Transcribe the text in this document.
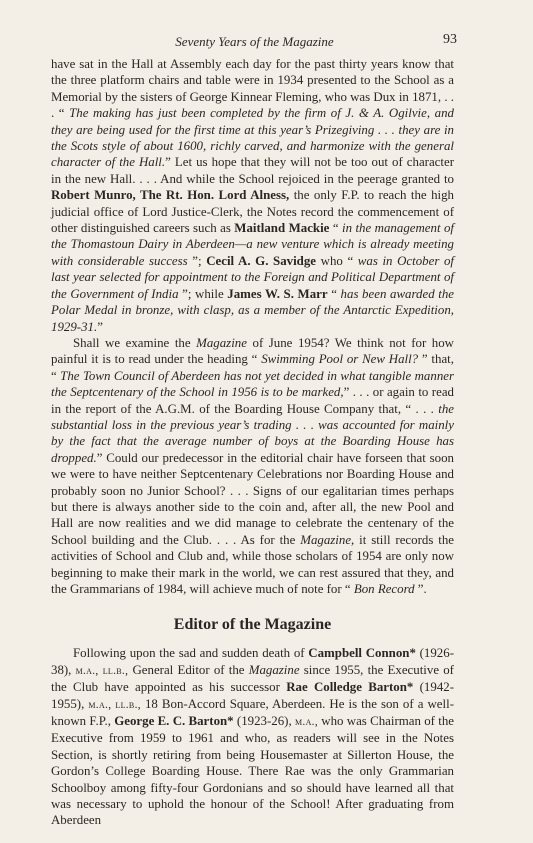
Seventy Years of the Magazine	93

have sat in the Hall at Assembly each day for the past thirty years know that the three platform chairs and table were in 1934 presented to the School as a Memorial by the sisters of George Kinnear Fleming, who was Dux in 1871, . . . “ The making has just been completed by the firm of J. & A. Ogilvie, and they are being used for the first time at this year’s Prizegiving . . . they are in the Scots style of about 1600, richly carved, and harmonize with the general character of the Hall.” Let us hope that they will not be too out of character in the new Hall. . . . And while the School rejoiced in the peerage granted to Robert Munro, The Rt. Hon. Lord Alness, the only F.P. to reach the high judicial office of Lord Justice-Clerk, the Notes record the commencement of other distinguished careers such as Maitland Mackie “ in the management of the Thomastoun Dairy in Aberdeen—a new venture which is already meeting with considerable success ”; Cecil A. G. Savidge who “ was in October of last year selected for appointment to the Foreign and Political Department of the Government of India ”; while James W. S. Marr “ has been awarded the Polar Medal in bronze, with clasp, as a member of the Antarctic Expedition, 1929-31.”

Shall we examine the Magazine of June 1954? We think not for how painful it is to read under the heading “ Swimming Pool or New Hall? ” that, “ The Town Council of Aberdeen has not yet decided in what tangible manner the Septcentenary of the School in 1956 is to be marked,” . . . or again to read in the report of the A.G.M. of the Boarding House Company that, “ . . . the substantial loss in the previous year’s trading . . . was accounted for mainly by the fact that the average number of boys at the Boarding House has dropped.” Could our predecessor in the editorial chair have forseen that soon we were to have neither Septcentenary Celebrations nor Boarding House and probably soon no Junior School? . . . Signs of our egalitarian times perhaps but there is always another side to the coin and, after all, the new Pool and Hall are now realities and we did manage to celebrate the centenary of the School building and the Club. . . . As for the Magazine, it still records the activities of School and Club and, while those scholars of 1954 are only now beginning to make their mark in the world, we can rest assured that they, and the Grammarians of 1984, will achieve much of note for “ Bon Record ”.

Editor of the Magazine

Following upon the sad and sudden death of Campbell Connon* (1926-38), m.a., ll.b., General Editor of the Magazine since 1955, the Executive of the Club have appointed as his successor Rae Colledge Barton* (1942-1955), m.a., ll.b., 18 Bon-Accord Square, Aberdeen. He is the son of a well-known F.P., George E. C. Barton* (1923-26), m.a., who was Chairman of the Executive from 1959 to 1961 and who, as readers will see in the Notes Section, is shortly retiring from being Housemaster at Sillerton House, the Gordon’s College Boarding House. There Rae was the only Grammarian Schoolboy among fifty-four Gordonians and so should have learned all that was necessary to uphold the honour of the School! After graduating from Aberdeen
